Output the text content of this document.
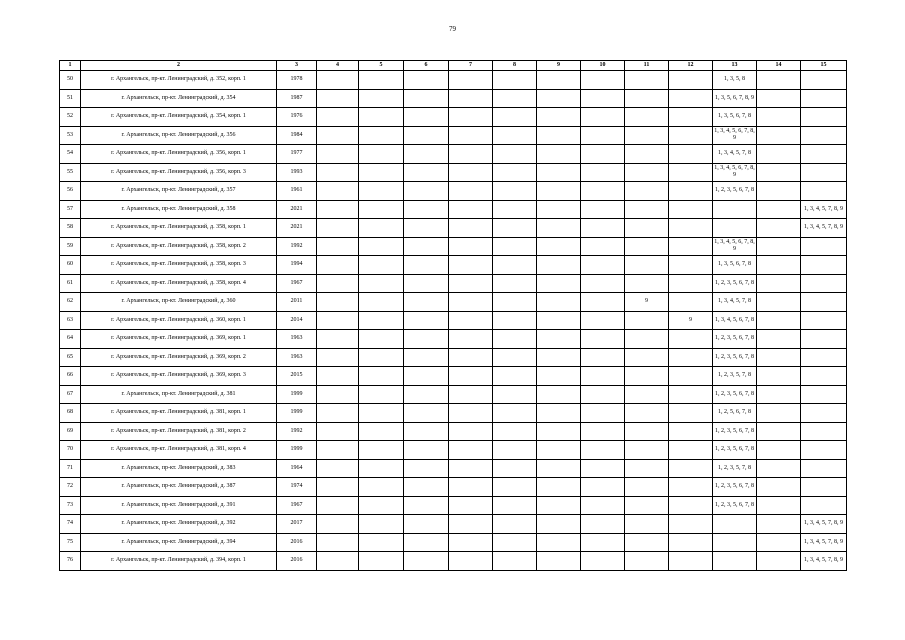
79
1	2	3	4	5	6	7	8	9	10	11	12	13	14	15
50	г. Архангельск, пр-кт. Ленинградский, д. 352, корп. 1	1978										1, 3, 5, 8		
51	г. Архангельск, пр-кт. Ленинградский, д. 354	1987										1, 3, 5, 6, 7, 8, 9		
52	г. Архангельск, пр-кт. Ленинградский, д. 354, корп. 1	1976										1, 3, 5, 6, 7, 8		
53	г. Архангельск, пр-кт. Ленинградский, д. 356	1984										1, 3, 4, 5, 6, 7, 8, 9		
54	г. Архангельск, пр-кт. Ленинградский, д. 356, корп. 1	1977										1, 3, 4, 5, 7, 8		
55	г. Архангельск, пр-кт. Ленинградский, д. 356, корп. 3	1993										1, 3, 4, 5, 6, 7, 8, 9		
56	г. Архангельск, пр-кт. Ленинградский, д. 357	1961										1, 2, 3, 5, 6, 7, 8		
57	г. Архангельск, пр-кт. Ленинградский, д. 358	2021												1, 3, 4, 5, 7, 8, 9
58	г. Архангельск, пр-кт. Ленинградский, д. 358, корп. 1	2021												1, 3, 4, 5, 7, 8, 9
59	г. Архангельск, пр-кт. Ленинградский, д. 358, корп. 2	1992										1, 3, 4, 5, 6, 7, 8, 9		
60	г. Архангельск, пр-кт. Ленинградский, д. 358, корп. 3	1994										1, 3, 5, 6, 7, 8		
61	г. Архангельск, пр-кт. Ленинградский, д. 358, корп. 4	1967										1, 2, 3, 5, 6, 7, 8		
62	г. Архангельск, пр-кт. Ленинградский, д. 360	2011								9		1, 3, 4, 5, 7, 8		
63	г. Архангельск, пр-кт. Ленинградский, д. 360, корп. 1	2014									9	1, 3, 4, 5, 6, 7, 8		
64	г. Архангельск, пр-кт. Ленинградский, д. 369, корп. 1	1963										1, 2, 3, 5, 6, 7, 8		
65	г. Архангельск, пр-кт. Ленинградский, д. 369, корп. 2	1963										1, 2, 3, 5, 6, 7, 8		
66	г. Архангельск, пр-кт. Ленинградский, д. 369, корп. 3	2015										1, 2, 3, 5, 7, 8		
67	г. Архангельск, пр-кт. Ленинградский, д. 381	1999										1, 2, 3, 5, 6, 7, 8		
68	г. Архангельск, пр-кт. Ленинградский, д. 381, корп. 1	1999										1, 2, 5, 6, 7, 8		
69	г. Архангельск, пр-кт. Ленинградский, д. 381, корп. 2	1992										1, 2, 3, 5, 6, 7, 8		
70	г. Архангельск, пр-кт. Ленинградский, д. 381, корп. 4	1999										1, 2, 3, 5, 6, 7, 8		
71	г. Архангельск, пр-кт. Ленинградский, д. 383	1964										1, 2, 3, 5, 7, 8		
72	г. Архангельск, пр-кт. Ленинградский, д. 387	1974										1, 2, 3, 5, 6, 7, 8		
73	г. Архангельск, пр-кт. Ленинградский, д. 391	1967										1, 2, 3, 5, 6, 7, 8		
74	г. Архангельск, пр-кт. Ленинградский, д. 392	2017												1, 3, 4, 5, 7, 8, 9
75	г. Архангельск, пр-кт. Ленинградский, д. 394	2016												1, 3, 4, 5, 7, 8, 9
76	г. Архангельск, пр-кт. Ленинградский, д. 394, корп. 1	2016												1, 3, 4, 5, 7, 8, 9
